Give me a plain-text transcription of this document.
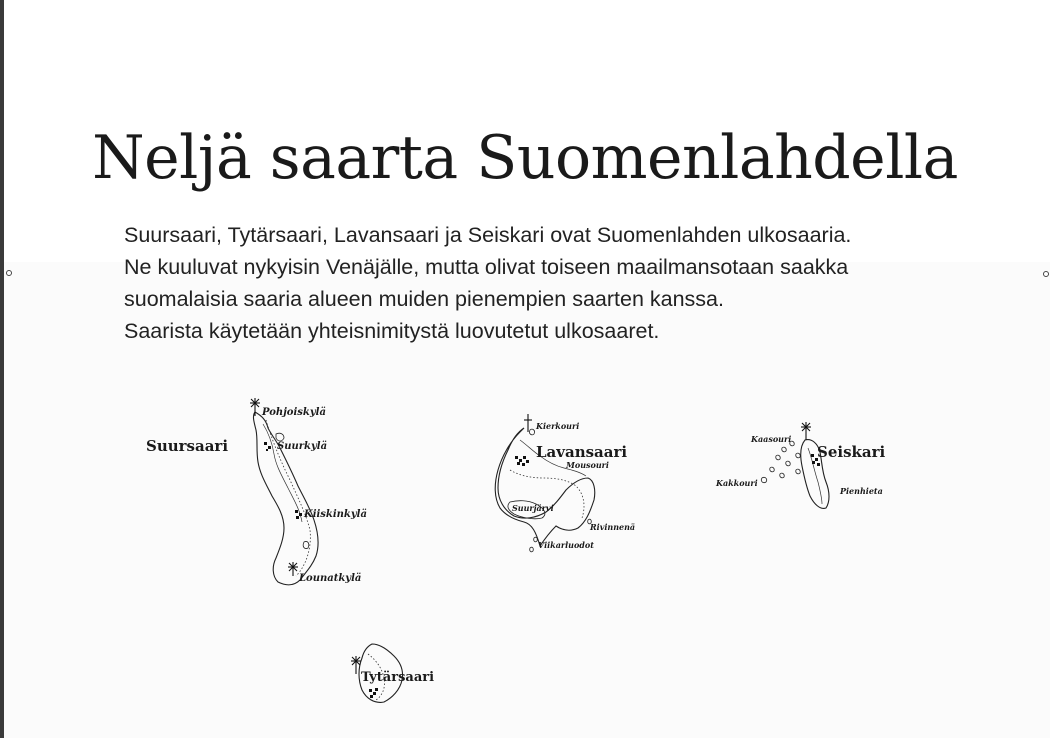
Neljä saarta Suomenlahdella
Suursaari, Tytärsaari, Lavansaari ja Seiskari ovat Suomenlahden ulkosaaria.
Ne kuuluvat nykyisin Venäjälle, mutta olivat toiseen maailmansotaan saakka
suomalaisia saaria alueen muiden pienempien saarten kanssa.
Saarista käytetään yhteisnimitystä luovutetut ulkosaaret.
Suursaari
Pohjoiskylä
Suurkylä
Kiiskinkylä
Lounatkylä
Lavansaari
Kierkouri
Mousouri
Suurjärvi
Rivinnenä
Viikarluodot
Seiskari
Kaasouri
Kakkouri
Pienhieta
Tytärsaari
